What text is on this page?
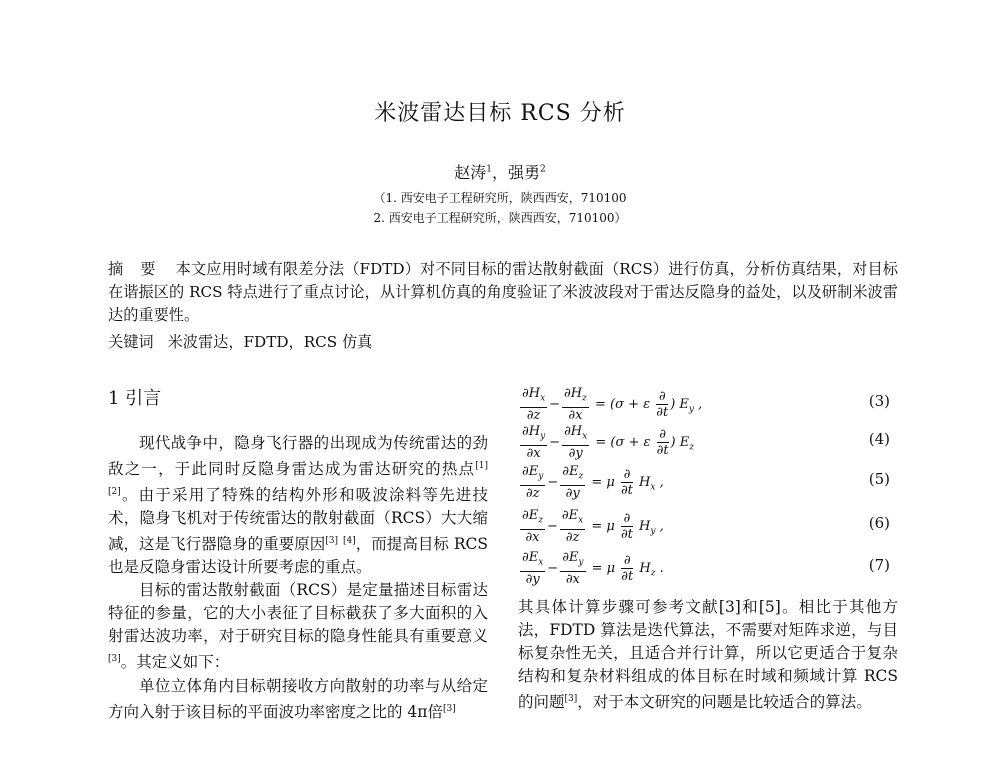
米波雷达目标 RCS 分析
赵涛$^1$，强勇$^2$
（1. 西安电子工程研究所，陕西西安，710100
2. 西安电子工程研究所，陕西西安，710100）
摘 要 本文应用时域有限差分法（FDTD）对不同目标的雷达散射截面（RCS）进行仿真，分析仿真结果，对目标在谐振区的 RCS 特点进行了重点讨论，从计算机仿真的角度验证了米波波段对于雷达反隐身的益处，以及研制米波雷达的重要性。
关键词 米波雷达，FDTD，RCS 仿真
1 引言

现代战争中，隐身飞行器的出现成为传统雷达的劲敌之一，于此同时反隐身雷达成为雷达研究的热点[1] [2]。由于采用了特殊的结构外形和吸波涂料等先进技术，隐身飞机对于传统雷达的散射截面（RCS）大大缩减，这是飞行器隐身的重要原因[3] [4]，而提高目标 RCS 也是反隐身雷达设计所要考虑的重点。

目标的雷达散射截面（RCS）是定量描述目标雷达特征的参量，它的大小表征了目标截获了多大面积的入射雷达波功率，对于研究目标的隐身性能具有重要意义[3]。其定义如下：

单位立体角内目标朝接收方向散射的功率与从给定方向入射于该目标的平面波功率密度之比的 4π倍[3]

$\frac{\partial H_x}{\partial z} - \frac{\partial H_z}{\partial x} = (\sigma + \varepsilon \frac{\partial}{\partial t}$ ) $E_y$ ,	(3)
$\frac{\partial H_y}{\partial x} - \frac{\partial H_x}{\partial y} = (\sigma + \varepsilon \frac{\partial}{\partial t}$ ) $E_z$	(4)
$\frac{\partial E_y}{\partial z} - \frac{\partial E_z}{\partial y} = \mu \frac{\partial}{\partial t} H_x$ ,	(5)
$\frac{\partial E_z}{\partial x} - \frac{\partial E_x}{\partial z} = \mu \frac{\partial}{\partial t} H_y$ ,	(6)
$\frac{\partial E_x}{\partial y} - \frac{\partial E_y}{\partial x} = \mu \frac{\partial}{\partial t} H_z$ .	(7)
其具体计算步骤可参考文献[3]和[5]。相比于其他方法，FDTD 算法是迭代算法，不需要对矩阵求逆，与目标复杂性无关，且适合并行计算，所以它更适合于复杂结构和复杂材料组成的体目标在时域和频域计算 RCS 的问题[3]，对于本文研究的问题是比较适合的算法。
